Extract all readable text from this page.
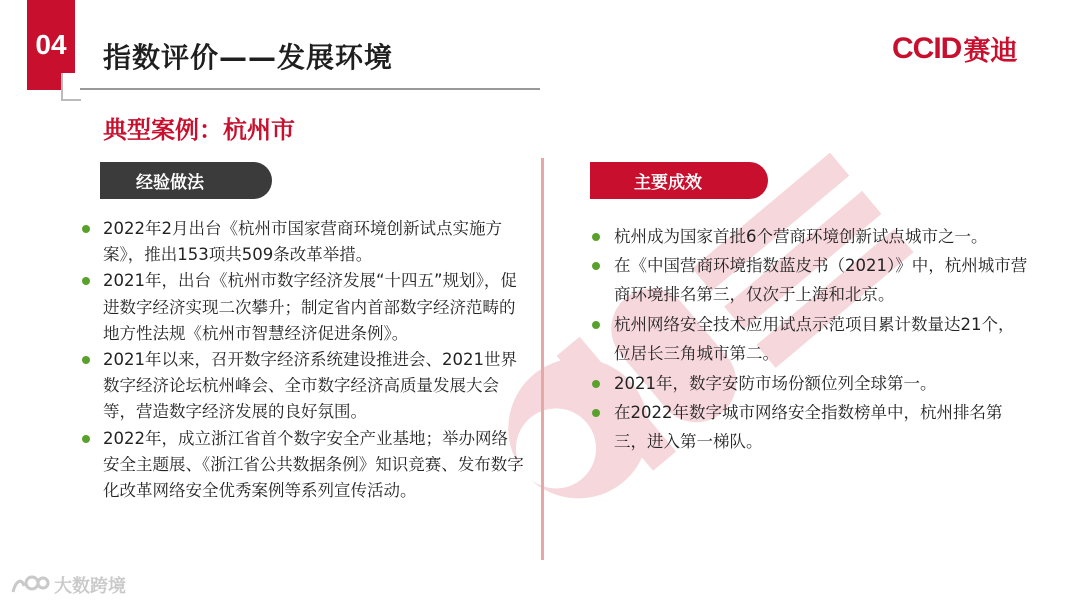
04	指数评价——发展环境	CCID 赛迪
典型案例：杭州市
经验做法	主要成效
2022年2月出台《杭州市国家营商环境创新试点实施方案》，推出153项共509条改革举措。
2021年，出台《杭州市数字经济发展“十四五”规划》，促进数字经济实现二次攀升；制定省内首部数字经济范畴的地方性法规《杭州市智慧经济促进条例》。
2021年以来，召开数字经济系统建设推进会、2021世界数字经济论坛杭州峰会、全市数字经济高质量发展大会等，营造数字经济发展的良好氛围。
2022年，成立浙江省首个数字安全产业基地；举办网络安全主题展、《浙江省公共数据条例》知识竞赛、发布数字化改革网络安全优秀案例等系列宣传活动。
杭州成为国家首批6个营商环境创新试点城市之一。
在《中国营商环境指数蓝皮书（2021）》中，杭州城市营商环境排名第三，仅次于上海和北京。
杭州网络安全技术应用试点示范项目累计数量达21个，位居长三角城市第二。
2021年，数字安防市场份额位列全球第一。
在2022年数字城市网络安全指数榜单中，杭州排名第三，进入第一梯队。
大数跨境
